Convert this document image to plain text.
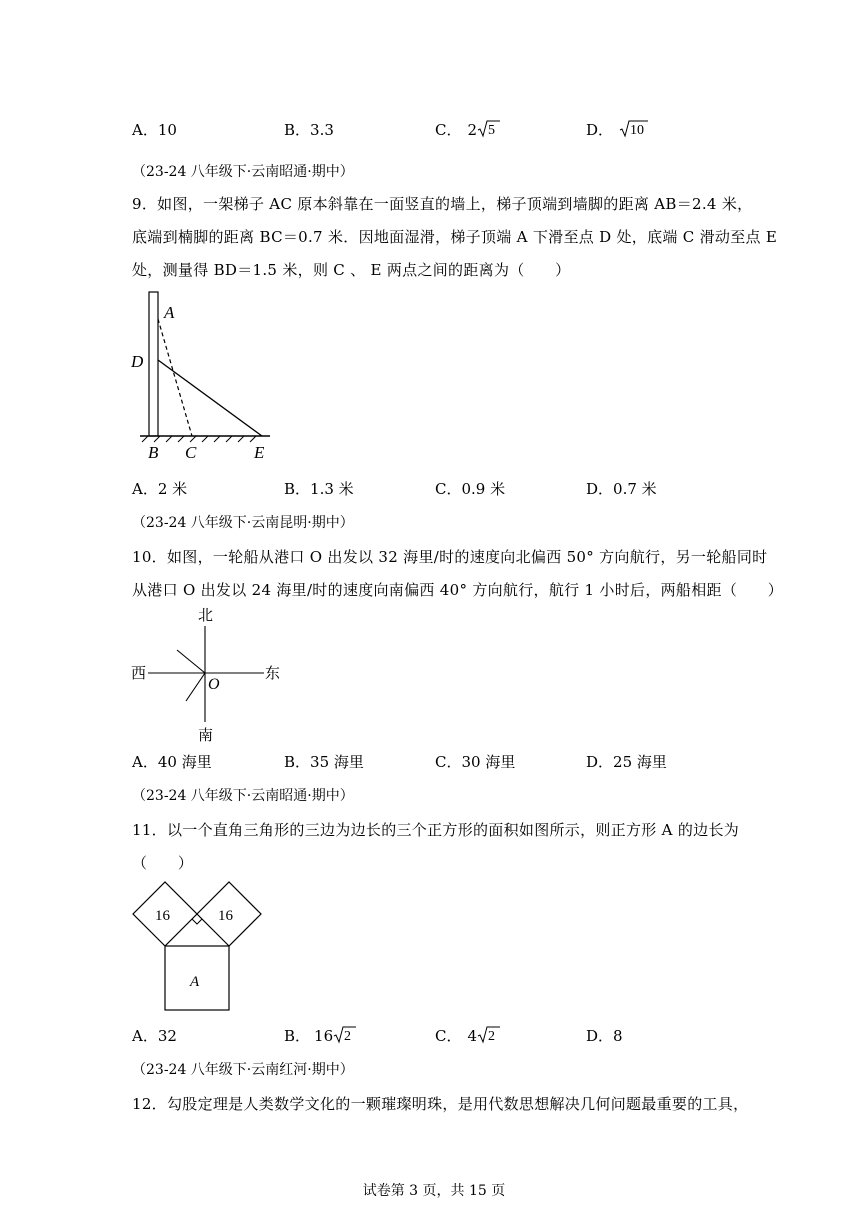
A．10	B．3.3	C． 2 5	D． 10
（23-24 八年级下·云南昭通·期中）
9．如图，一架梯子 AC 原本斜靠在一面竖直的墙上，梯子顶端到墙脚的距离 AB＝2.4 米，
底端到楠脚的距离 BC＝0.7 米．因地面湿滑，梯子顶端 A 下滑至点 D 处，底端 C 滑动至点 E
处，测量得 BD＝1.5 米，则 C 、 E 两点之间的距离为（　　）
A
D
B C	E
A．2 米	B．1.3 米	C．0.9 米	D．0.7 米
（23-24 八年级下·云南昆明·期中）
10．如图，一轮船从港口 O 出发以 32 海里/时的速度向北偏西 50° 方向航行，另一轮船同时
从港口 O 出发以 24 海里/时的速度向南偏西 40° 方向航行，航行 1 小时后，两船相距（　　）
北
南
西	东
O
A．40 海里	B．35 海里	C．30 海里	D．25 海里
（23-24 八年级下·云南昭通·期中）
11．以一个直角三角形的三边为边长的三个正方形的面积如图所示，则正方形 A 的边长为
（　　）
16	16
A
A．32	B． 16 2	C． 4 2	D．8
（23-24 八年级下·云南红河·期中）
12．勾股定理是人类数学文化的一颗璀璨明珠，是用代数思想解决几何问题最重要的工具，
试卷第 3 页，共 15 页
